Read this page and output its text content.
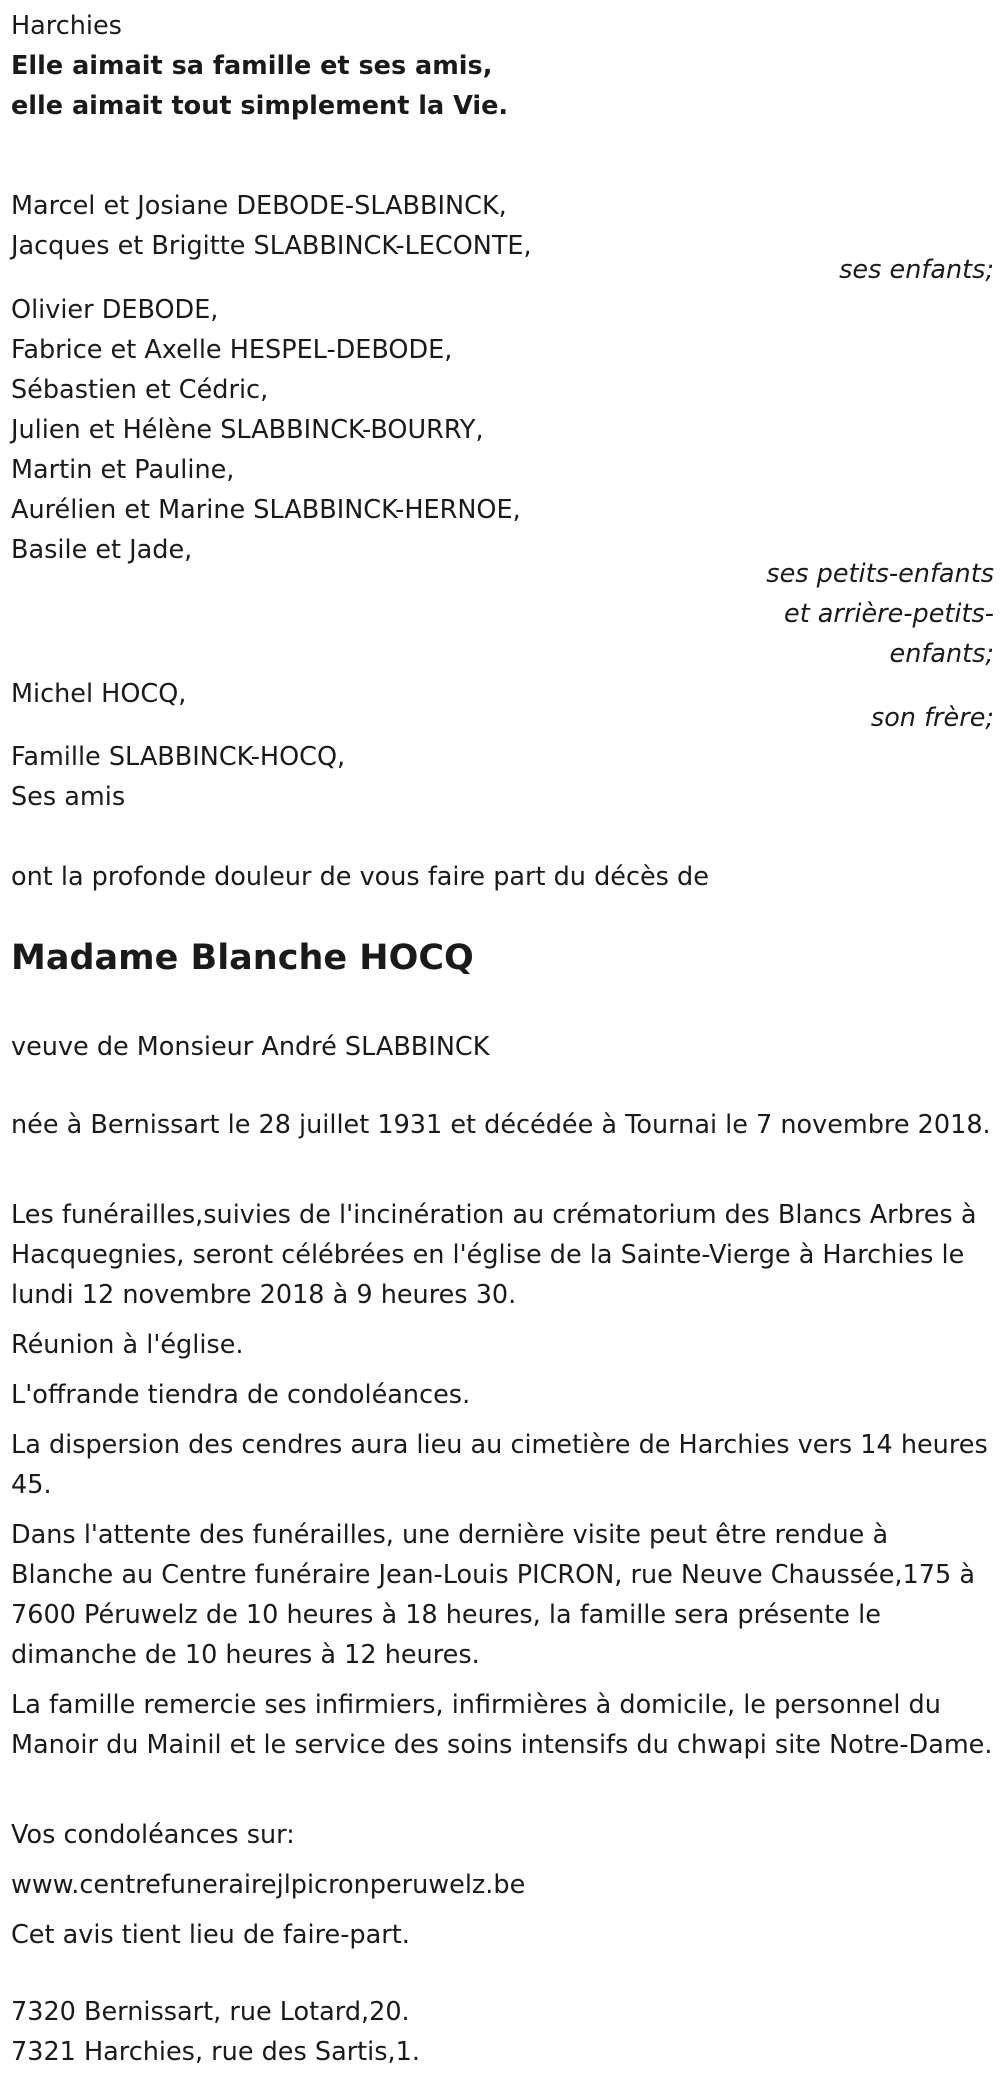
Harchies

Elle aimait sa famille et ses amis,

elle aimait tout simplement la Vie.

Marcel et Josiane DEBODE-SLABBINCK,

Jacques et Brigitte SLABBINCK-LECONTE,

ses enfants;

Olivier DEBODE,

Fabrice et Axelle HESPEL-DEBODE,

Sébastien et Cédric,

Julien et Hélène SLABBINCK-BOURRY,

Martin et Pauline,

Aurélien et Marine SLABBINCK-HERNOE,

Basile et Jade,

ses petits-enfants

et arrière-petits-

enfants;

Michel HOCQ,

son frère;

Famille SLABBINCK-HOCQ,

Ses amis

ont la profonde douleur de vous faire part du décès de

Madame Blanche HOCQ

veuve de Monsieur André SLABBINCK

née à Bernissart le 28 juillet 1931 et décédée à Tournai le 7 novembre 2018.

Les funérailles,suivies de l'incinération au crématorium des Blancs Arbres à Hacquegnies, seront célébrées en l'église de la Sainte-Vierge à Harchies le lundi 12 novembre 2018 à 9 heures 30.

Réunion à l'église.

L'offrande tiendra de condoléances.

La dispersion des cendres aura lieu au cimetière de Harchies vers 14 heures 45.

Dans l'attente des funérailles, une dernière visite peut être rendue à Blanche au Centre funéraire Jean-Louis PICRON, rue Neuve Chaussée,175 à 7600 Péruwelz de 10 heures à 18 heures, la famille sera présente le dimanche de 10 heures à 12 heures.

La famille remercie ses infirmiers, infirmières à domicile, le personnel du Manoir du Mainil et le service des soins intensifs du chwapi site Notre-Dame.

Vos condoléances sur:

www.centrefunerairejlpicronperuwelz.be

Cet avis tient lieu de faire-part.

7320 Bernissart, rue Lotard,20.

7321 Harchies, rue des Sartis,1.
